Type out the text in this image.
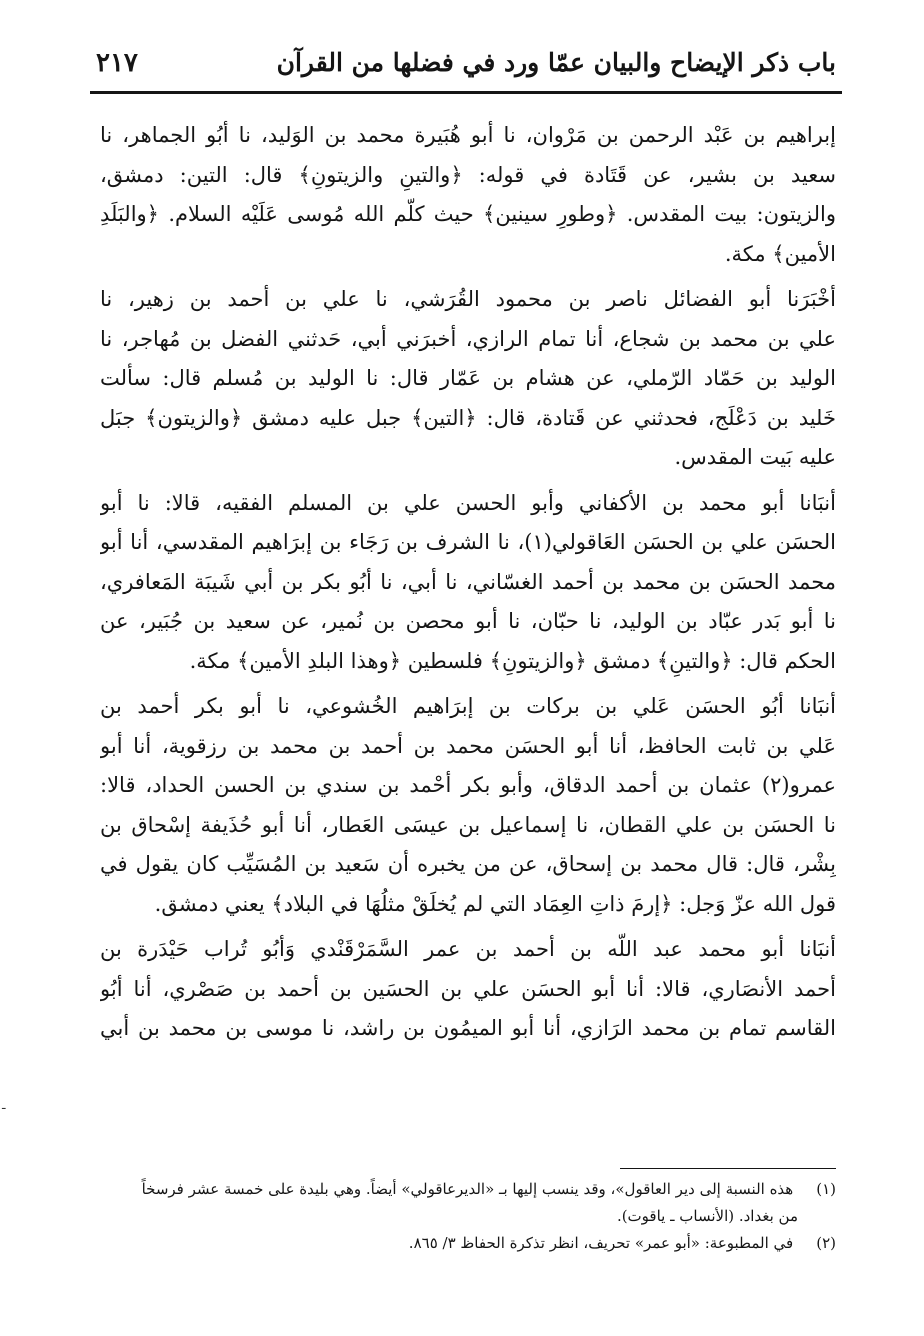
باب ذكر الإيضاح والبيان عمّا ورد في فضلها من القرآن
٢١٧
إبراهيم بن عَبْد الرحمن بن مَرْوان، نا أبو هُبَيرة محمد بن الوَليد، نا أبُو الجماهر، نا
سعيد بن بشير، عن قَتَادة في قوله: ﴿والتينِ والزيتونِ﴾ قال: التين: دمشق،
والزيتون: بيت المقدس. ﴿وطورِ سينين﴾ حيث كلّم الله مُوسى عَلَيْه السلام. ﴿والبَلَدِ
الأمين﴾ مكة.
أخْبَرَنا أبو الفضائل ناصر بن محمود القُرَشي، نا علي بن أحمد بن زهير، نا
علي بن محمد بن شجاع، أنا تمام الرازي، أخبرَني أبي، حَدثني الفضل بن مُهاجر، نا
الوليد بن حَمّاد الرّملي، عن هشام بن عَمّار قال: نا الوليد بن مُسلم قال: سألت
خَليد بن دَعْلَج، فحدثني عن قَتادة، قال: ﴿التين﴾ جبل عليه دمشق ﴿والزيتون﴾ جبَل
عليه بَيت المقدس.
أنبَانا أبو محمد بن الأكفاني وأبو الحسن علي بن المسلم الفقيه، قالا: نا أبو
الحسَن علي بن الحسَن العَاقولي(١)، نا الشرف بن رَجَاء بن إبرَاهيم المقدسي، أنا أبو
محمد الحسَن بن محمد بن أحمد الغسّاني، نا أبي، نا أبُو بكر بن أبي شَيبَة المَعافري،
نا أبو بَدر عبّاد بن الوليد، نا حبّان، نا أبو محصن بن نُمير، عن سعيد بن جُبَير، عن
الحكم قال: ﴿والتينِ﴾ دمشق ﴿والزيتونِ﴾ فلسطين ﴿وهذا البلدِ الأمين﴾ مكة.
أنبَانا أبُو الحسَن عَلي بن بركات بن إبرَاهيم الخُشوعي، نا أبو بكر أحمد بن
عَلي بن ثابت الحافظ، أنا أبو الحسَن محمد بن أحمد بن محمد بن رزقوية، أنا أبو
عمرو(٢) عثمان بن أحمد الدقاق، وأبو بكر أحْمد بن سندي بن الحسن الحداد، قالا:
نا الحسَن بن علي القطان، نا إسماعيل بن عيسَى العَطار، أنا أبو حُذَيفة إسْحاق بن
بِشْر، قال: قال محمد بن إسحاق، عن من يخبره أن سَعيد بن المُسَيِّب كان يقول في
قول الله عزّ وَجل: ﴿إرمَ ذاتِ العِمَاد التي لم يُخلَقْ مثلُهَا في البلاد﴾ يعني دمشق.
أنبَانا أبو محمد عبد اللّه بن أحمد بن عمر السَّمَرْقَنْدي وَأبُو تُراب حَيْدَرة بن
أحمد الأنصَاري، قالا: أنا أبو الحسَن علي بن الحسَين بن أحمد بن صَصْري، أنا أبُو
القاسم تمام بن محمد الرَازي، أنا أبو الميمُون بن راشد، نا موسى بن محمد بن أبي
(١) هذه النسبة إلى دير العاقول»، وقد ينسب إليها بـ «الديرعاقولي» أيضاً. وهي بليدة على خمسة عشر فرسخاً
من بغداد. (الأنساب ـ ياقوت).
(٢) في المطبوعة: «أبو عمر» تحريف، انظر تذكرة الحفاظ ٣/ ٨٦٥.
ـ
